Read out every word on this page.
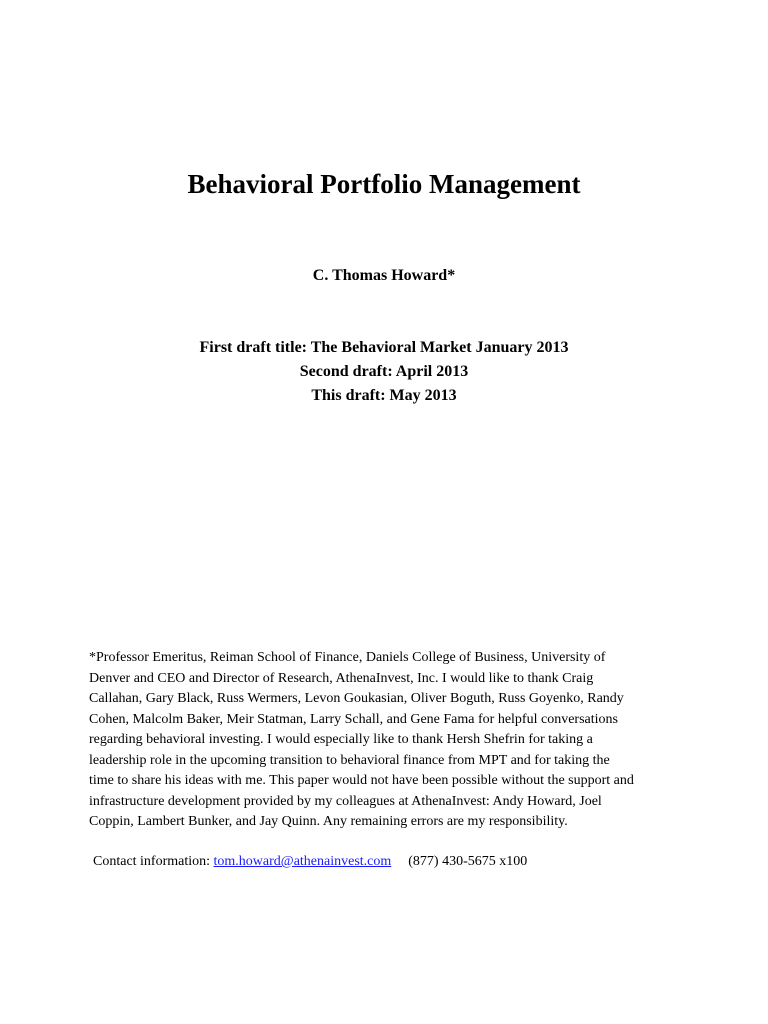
Behavioral Portfolio Management
C. Thomas Howard*
First draft title: The Behavioral Market January 2013
Second draft: April 2013
This draft: May 2013
*Professor Emeritus, Reiman School of Finance, Daniels College of Business, University of
Denver and CEO and Director of Research, AthenaInvest, Inc. I would like to thank Craig
Callahan, Gary Black, Russ Wermers, Levon Goukasian, Oliver Boguth, Russ Goyenko, Randy
Cohen, Malcolm Baker, Meir Statman, Larry Schall, and Gene Fama for helpful conversations
regarding behavioral investing. I would especially like to thank Hersh Shefrin for taking a
leadership role in the upcoming transition to behavioral finance from MPT and for taking the
time to share his ideas with me. This paper would not have been possible without the support and
infrastructure development provided by my colleagues at AthenaInvest: Andy Howard, Joel
Coppin, Lambert Bunker, and Jay Quinn. Any remaining errors are my responsibility.
Contact information: tom.howard@athenainvest.com (877) 430-5675 x100
